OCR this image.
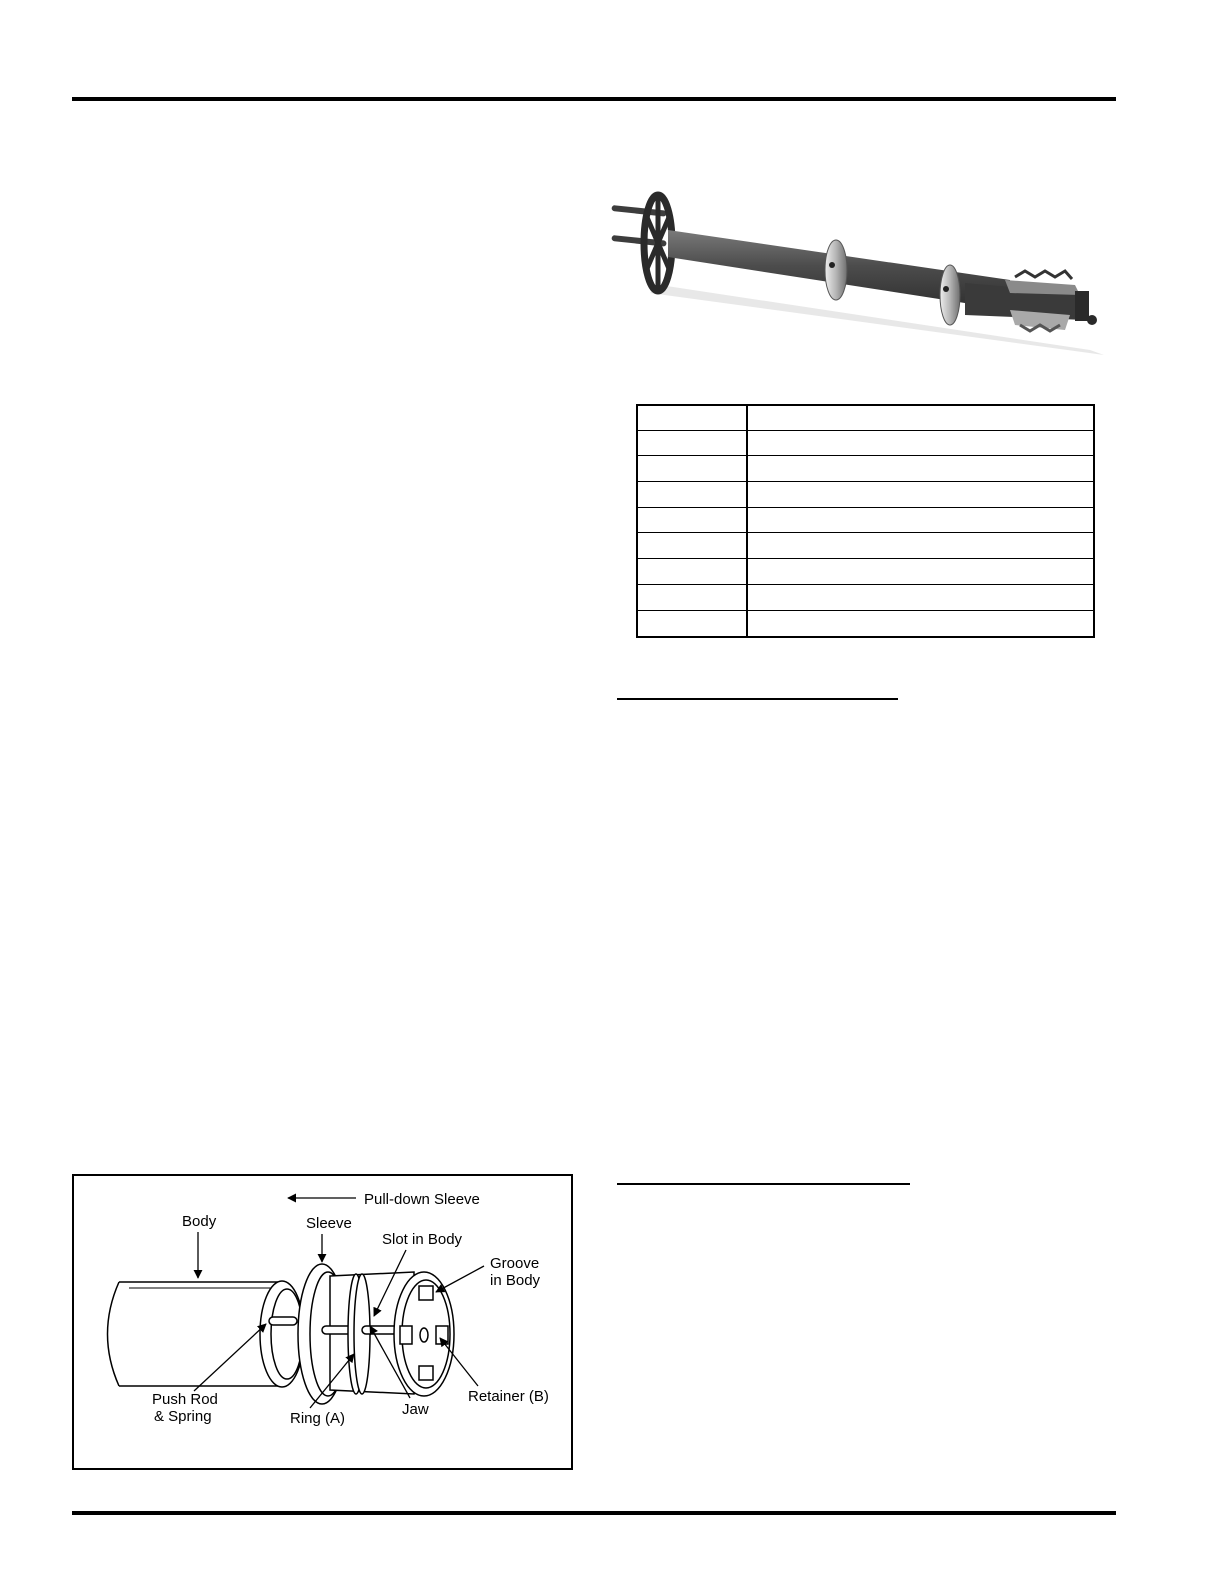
Pull-down Sleeve
Body	Sleeve
Slot in Body
Groove
in Body
Push Rod
& Spring	Ring (A)
Jaw
Retainer (B)
